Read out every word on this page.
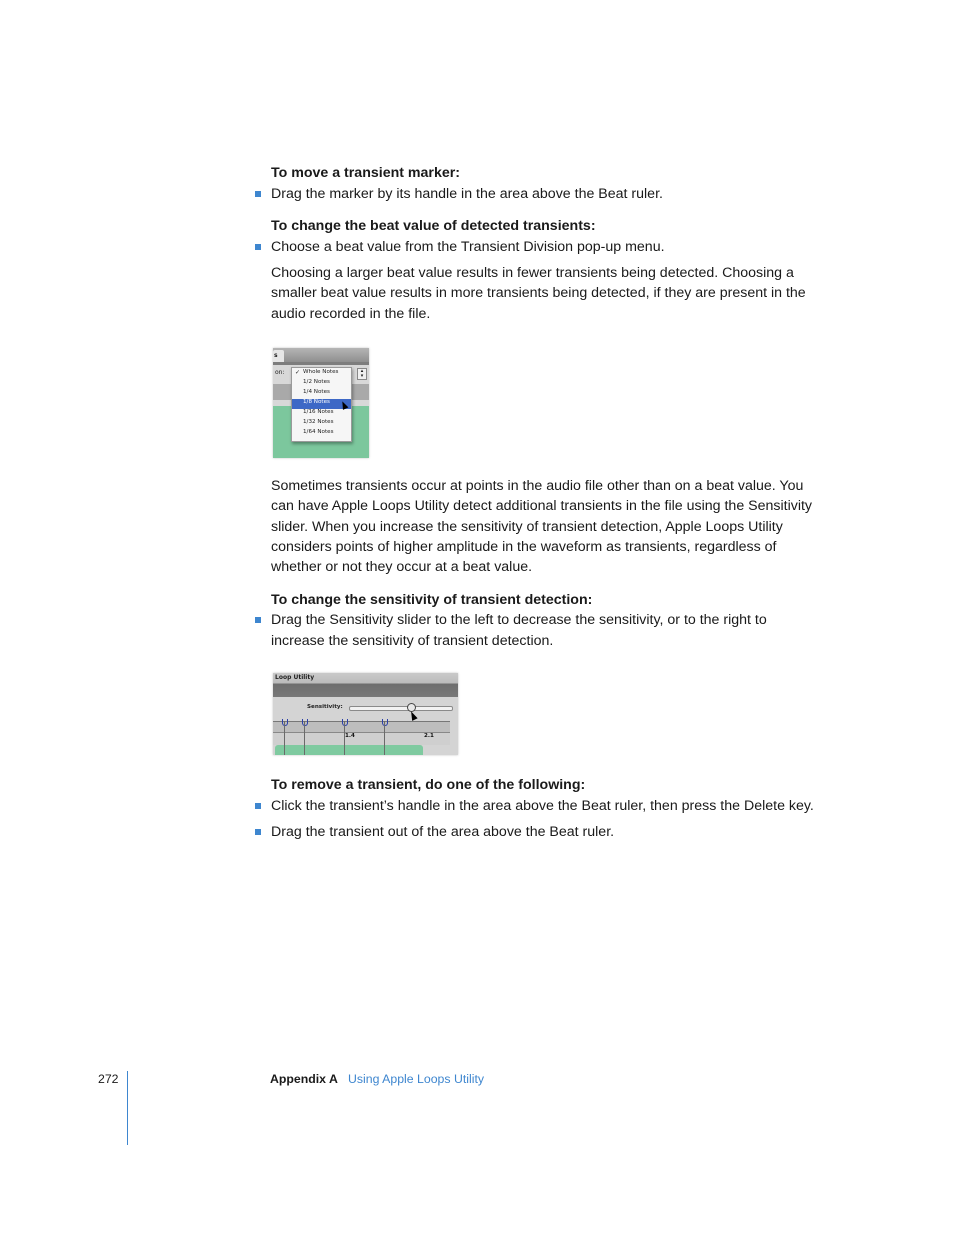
To move a transient marker:
Drag the marker by its handle in the area above the Beat ruler.
To change the beat value of detected transients:
Choose a beat value from the Transient Division pop-up menu.
Choosing a larger beat value results in fewer transients being detected. Choosing a
smaller beat value results in more transients being detected, if they are present in the
audio recorded in the file.
s
on:	▴
▾
✓ Whole Notes
1/2 Notes
1/4 Notes
1/8 Notes
1/16 Notes
1/32 Notes
1/64 Notes
Sometimes transients occur at points in the audio file other than on a beat value. You
can have Apple Loops Utility detect additional transients in the file using the Sensitivity
slider. When you increase the sensitivity of transient detection, Apple Loops Utility
considers points of higher amplitude in the waveform as transients, regardless of
whether or not they occur at a beat value.
To change the sensitivity of transient detection:
Drag the Sensitivity slider to the left to decrease the sensitivity, or to the right to
increase the sensitivity of transient detection.
Loop Utility
Sensitivity:
1.4	2.1
To remove a transient, do one of the following:
Click the transient’s handle in the area above the Beat ruler, then press the Delete key.
Drag the transient out of the area above the Beat ruler.
272	Appendix A Using Apple Loops Utility
